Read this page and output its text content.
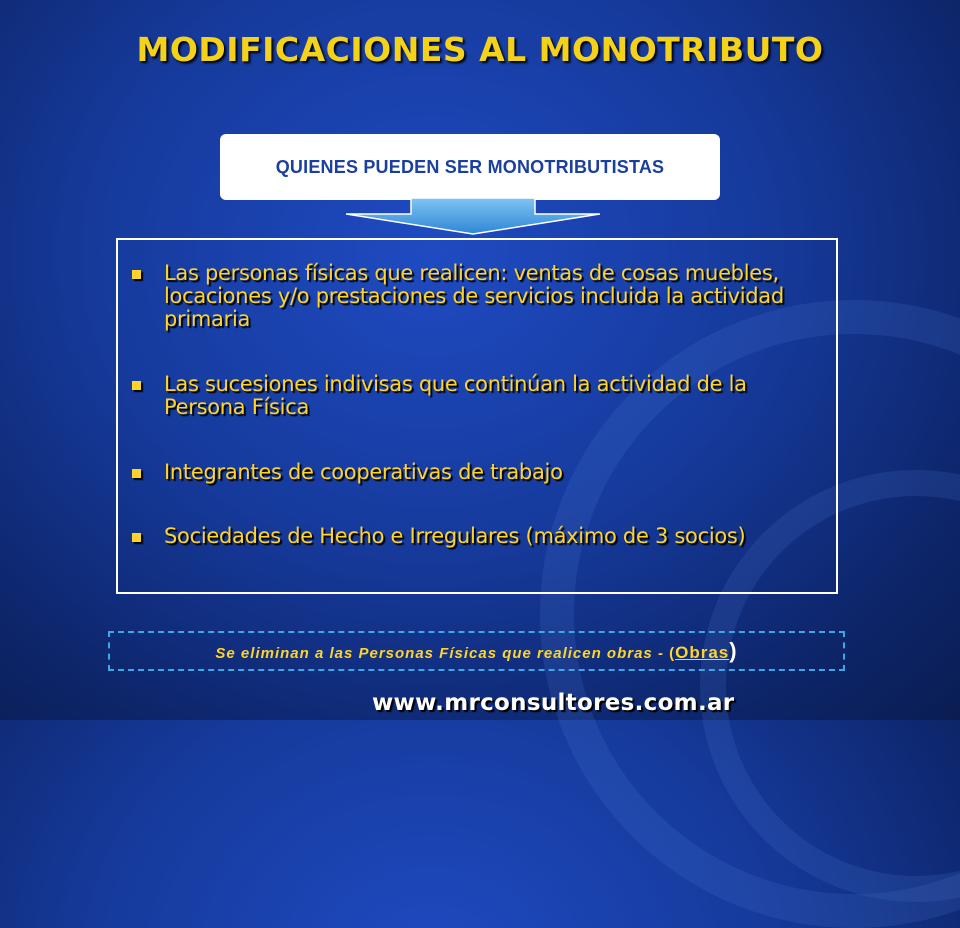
MODIFICACIONES AL MONOTRIBUTO
QUIENES PUEDEN SER MONOTRIBUTISTAS
Las personas físicas que realicen: ventas de cosas muebles, locaciones y/o prestaciones de servicios incluida la actividad primaria
Las sucesiones indivisas que continúan la actividad de la Persona Física
Integrantes de cooperativas de trabajo
Sociedades de Hecho e Irregulares (máximo de 3 socios)
Se eliminan a las Personas Físicas que realicen obras - (Obras)
www.mrconsultores.com.ar
